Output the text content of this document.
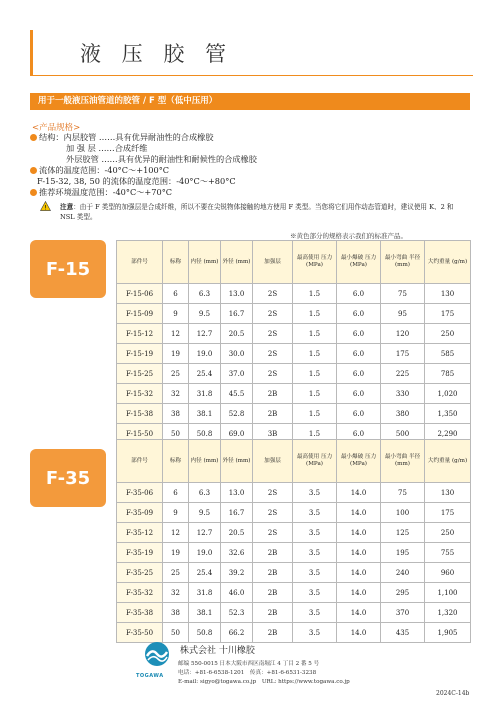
液 压 胶 管
用于一般液压油管道的胶管 / F 型（低中压用）
<产品规格>
结构：内层胶管 ……具有优异耐油性的合成橡胶
加 强 层 ……合成纤维
外层胶管 ……具有优异的耐油性和耐候性的合成橡胶
流体的温度范围：-40°C～+100°C
F-15-32, 38, 50 的流体的温度范围：-40°C～+80°C
推荐环境温度范围：-40°C～+70°C
! 注意：由于 F 类型的加强层是合成纤维，所以不要在尖锐物体接触的地方使用 F 类型。当您将它们用作动态管道时，建议使用 K、2 和 NSL 类型。
※黄色部分的规格表示我们的标准产品。
F-15	部件号	标称	内径 (mm)	外径 (mm)	加强层	最高使用 压力 (MPa)	最小爆破 压力 (MPa)	最小弯曲 半径 (mm)	大约重量 (g/m)
F-15-06	6	6.3	13.0	2S	1.5	6.0	75	130
F-15-09	9	9.5	16.7	2S	1.5	6.0	95	175
F-15-12	12	12.7	20.5	2S	1.5	6.0	120	250
F-15-19	19	19.0	30.0	2S	1.5	6.0	175	585
F-15-25	25	25.4	37.0	2S	1.5	6.0	225	785
F-15-32	32	31.8	45.5	2B	1.5	6.0	330	1,020
F-15-38	38	38.1	52.8	2B	1.5	6.0	380	1,350
F-15-50	50	50.8	69.0	3B	1.5	6.0	500	2,290
F-35
部件号	标称	内径 (mm)	外径 (mm)	加强层	最高使用 压力 (MPa)	最小爆破 压力 (MPa)	最小弯曲 半径 (mm)	大约重量 (g/m)
F-35-06	6	6.3	13.0	2S	3.5	14.0	75	130
F-35-09	9	9.5	16.7	2S	3.5	14.0	100	175
F-35-12	12	12.7	20.5	2S	3.5	14.0	125	250
F-35-19	19	19.0	32.6	2B	3.5	14.0	195	755
F-35-25	25	25.4	39.2	2B	3.5	14.0	240	960
F-35-32	32	31.8	46.0	2B	3.5	14.0	295	1,100
F-35-38	38	38.1	52.3	2B	3.5	14.0	370	1,320
F-35-50	50	50.8	66.2	2B	3.5	14.0	435	1,905
TOGAWA
株式会社 十川橡胶
邮编 550-0015 日本大阪市西区南堀江 4 丁目 2 番 5 号
电话：+81-6-6538-1201　传真：+81-6-6531-3238
E-mail: sigyo@togawa.co.jp　URL: https://www.togawa.co.jp
2024C-14b
